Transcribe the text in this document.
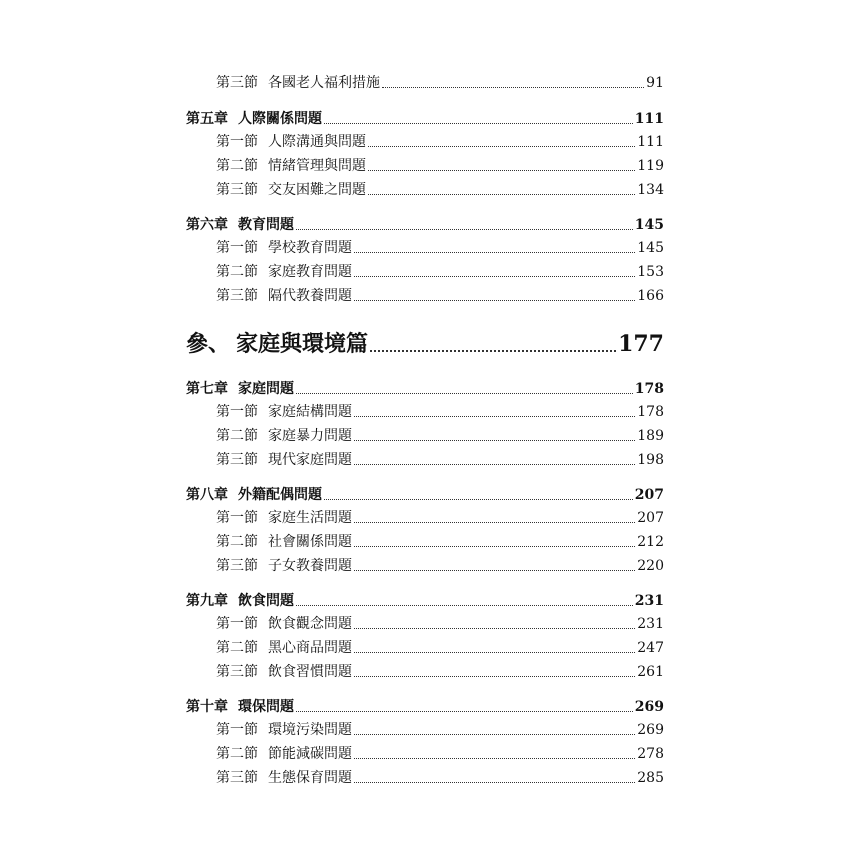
第三節 各國老人福利措施	91
第五章 人際關係問題	111
第一節 人際溝通與問題	111
第二節 情緒管理與問題	119
第三節 交友困難之問題	134
第六章 教育問題	145
第一節 學校教育問題	145
第二節 家庭教育問題	153
第三節 隔代教養問題	166
參、 家庭與環境篇	177
第七章 家庭問題	178
第一節 家庭結構問題	178
第二節 家庭暴力問題	189
第三節 現代家庭問題	198
第八章 外籍配偶問題	207
第一節 家庭生活問題	207
第二節 社會關係問題	212
第三節 子女教養問題	220
第九章 飲食問題	231
第一節 飲食觀念問題	231
第二節 黑心商品問題	247
第三節 飲食習慣問題	261
第十章 環保問題	269
第一節 環境污染問題	269
第二節 節能減碳問題	278
第三節 生態保育問題	285
